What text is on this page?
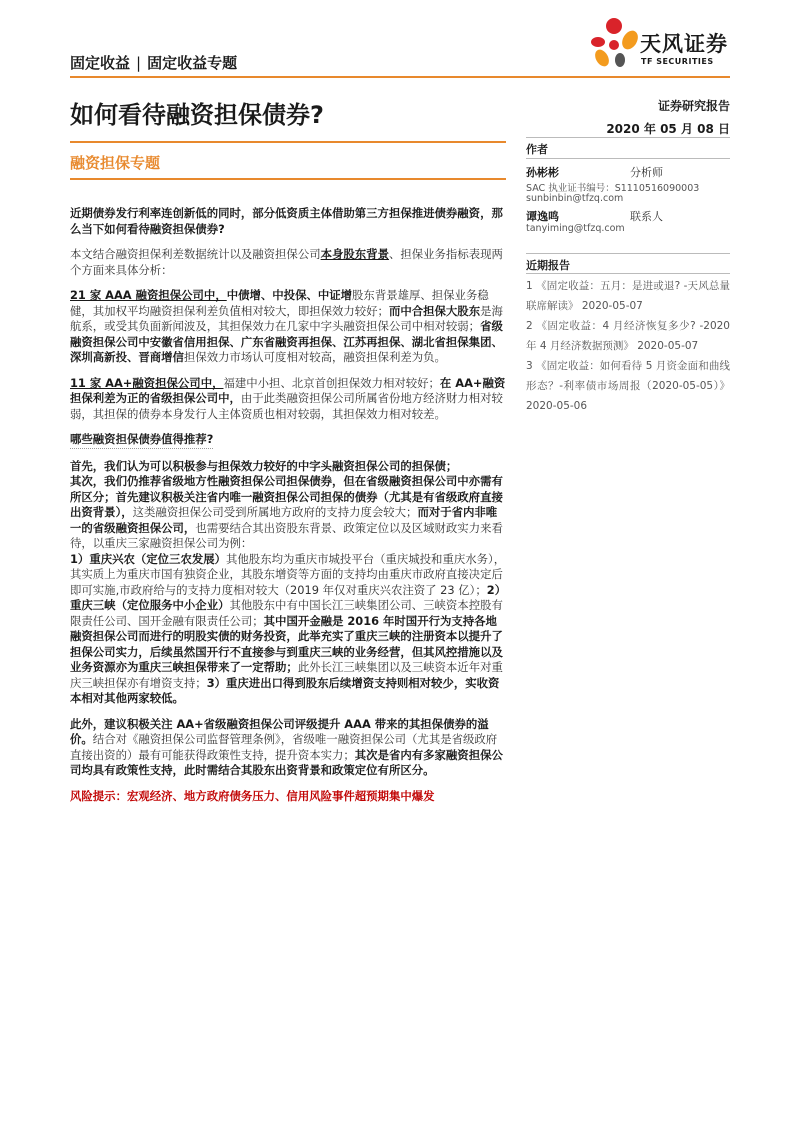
固定收益 | 固定收益专题
天风证券
TF SECURITIES
如何看待融资担保债券?	证券研究报告
2020 年 05 月 08 日
融资担保专题

近期债券发行利率连创新低的同时，部分低资质主体借助第三方担保推进债券融资，那么当下如何看待融资担保债券?

本文结合融资担保利差数据统计以及融资担保公司本身股东背景、担保业务指标表现两个方面来具体分析：

21 家 AAA 融资担保公司中，中债增、中投保、中证增股东背景雄厚、担保业务稳健，其加权平均融资担保利差负值相对较大，即担保效力较好；而中合担保大股东是海航系，或受其负面新闻波及，其担保效力在几家中字头融资担保公司中相对较弱；省级融资担保公司中安徽省信用担保、广东省融资再担保、江苏再担保、湖北省担保集团、深圳高新投、晋商增信担保效力市场认可度相对较高，融资担保利差为负。

11 家 AA+融资担保公司中，福建中小担、北京首创担保效力相对较好；在 AA+融资担保利差为正的省级担保公司中，由于此类融资担保公司所属省份地方经济财力相对较弱，其担保的债券本身发行人主体资质也相对较弱，其担保效力相对较差。

哪些融资担保债券值得推荐?

首先，我们认为可以积极参与担保效力较好的中字头融资担保公司的担保债；

其次，我们仍推荐省级地方性融资担保公司担保债券，但在省级融资担保公司中亦需有所区分；首先建议积极关注省内唯一融资担保公司担保的债券（尤其是有省级政府直接出资背景），这类融资担保公司受到所属地方政府的支持力度会较大；而对于省内非唯一的省级融资担保公司，也需要结合其出资股东背景、政策定位以及区域财政实力来看待，以重庆三家融资担保公司为例：

1）重庆兴农（定位三农发展）其他股东均为重庆市城投平台（重庆城投和重庆水务），其实质上为重庆市国有独资企业，其股东增资等方面的支持均由重庆市政府直接决定后即可实施,市政府给与的支持力度相对较大（2019 年仅对重庆兴农注资了 23 亿）；2）重庆三峡（定位服务中小企业）其他股东中有中国长江三峡集团公司、三峡资本控股有限责任公司、国开金融有限责任公司；其中国开金融是 2016 年时国开行为支持各地融资担保公司而进行的明股实债的财务投资，此举充实了重庆三峡的注册资本以提升了担保公司实力，后续虽然国开行不直接参与到重庆三峡的业务经营，但其风控措施以及业务资源亦为重庆三峡担保带来了一定帮助；此外长江三峡集团以及三峡资本近年对重庆三峡担保亦有增资支持；3）重庆进出口得到股东后续增资支持则相对较少，实收资本相对其他两家较低。

此外，建议积极关注 AA+省级融资担保公司评级提升 AAA 带来的其担保债券的溢价。结合对《融资担保公司监督管理条例》，省级唯一融资担保公司（尤其是省级政府直接出资的）最有可能获得政策性支持，提升资本实力；其次是省内有多家融资担保公司均具有政策性支持，此时需结合其股东出资背景和政策定位有所区分。

风险提示：宏观经济、地方政府债务压力、信用风险事件超预期集中爆发

作者
孙彬彬	分析师
SAC 执业证书编号：S1110516090003
sunbinbin@tfzq.com
谭逸鸣	联系人
tanyiming@tfzq.com
近期报告

1 《固定收益：五月：是进或退? -天风总量联席解读》 2020-05-07

2 《固定收益：4 月经济恢复多少? -2020 年 4 月经济数据预测》 2020-05-07

3 《固定收益：如何看待 5 月资金面和曲线形态？-利率债市场周报（2020-05-05）》 2020-05-06
